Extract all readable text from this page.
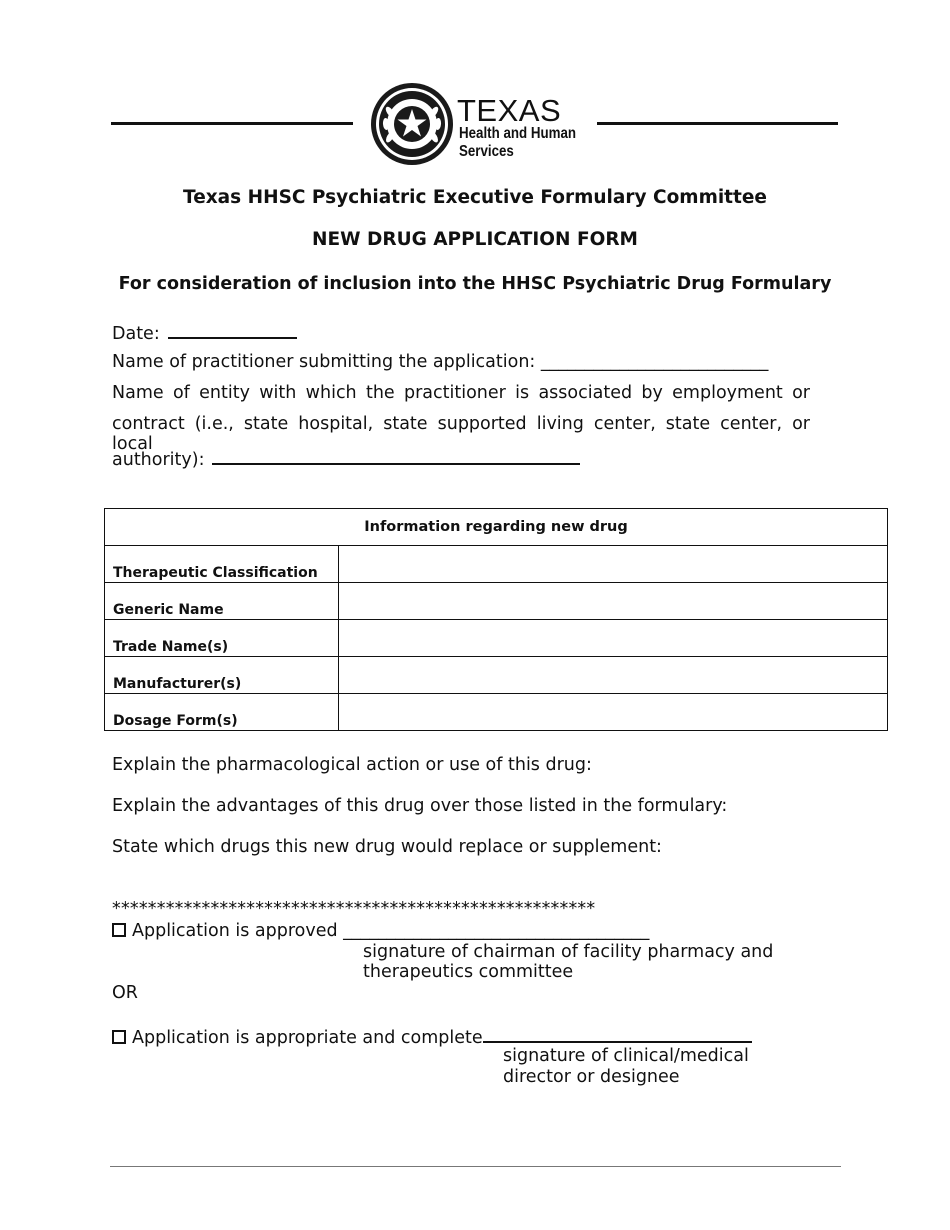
TEXAS
Health and Human
Services
Texas HHSC Psychiatric Executive Formulary Committee
NEW DRUG APPLICATION FORM
For consideration of inclusion into the HHSC Psychiatric Drug Formulary
Date:
Name of practitioner submitting the application: __________________________
Name of entity with which the practitioner is associated by employment or
contract (i.e., state hospital, state supported living center, state center, or local
authority):
Information regarding new drug	
Therapeutic Classification	
Generic Name	
Trade Name(s)	
Manufacturer(s)	
Dosage Form(s)	
Explain the pharmacological action or use of this drug:
Explain the advantages of this drug over those listed in the formulary:
State which drugs this new drug would replace or supplement:
******************************************************
Application is approved ___________________________________
signature of chairman of facility pharmacy and
therapeutics committee
OR
Application is appropriate and complete
signature of clinical/medical
director or designee
